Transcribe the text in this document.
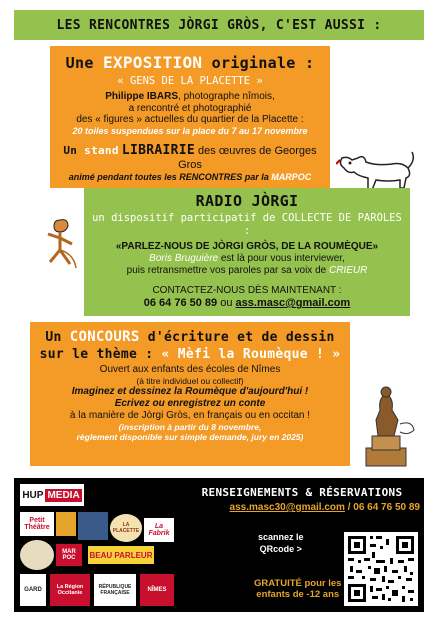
LES RENCONTRES JÒRGI GRÒS, C'EST AUSSI :
Une EXPOSITION originale :
« GENS DE LA PLACETTE »
Philippe IBARS, photographe nîmois,
a rencontré et photographié
des « figures » actuelles du quartier de la Placette :
20 toiles suspendues sur la place du 7 au 17 novembre
Un stand LIBRAIRIE des œuvres de Georges Gros
animé pendant toutes les RENCONTRES par la MARPOC
RADIO JÒRGI
un dispositif participatif de COLLECTE DE PAROLES :
«PARLEZ-NOUS DE JÒRGI GRÒS, DE LA ROUMÈQUE»
Boris Bruguière est là pour vous interviewer,
puis retransmettre vos paroles par sa voix de CRIEUR
CONTACTEZ-NOUS DÈS MAINTENANT :
06 64 76 50 89 ou ass.masc@gmail.com
Un CONCOURS d'écriture et de dessin
sur le thème : « Mèfi la Roumèque ! »
Ouvert aux enfants des écoles de Nîmes
(à titre individuel ou collectif)
Imaginez et dessinez la Roumèque d'aujourd'hui !
Ecrivez ou enregistrez un conte
à la manière de Jòrgi Gròs, en français ou en occitan !
(inscription à partir du 8 novembre,
règlement disponible sur simple demande, jury en 2025)
HUP MEDIA
Petit Théâtre	LA PLACETTE
La Fabrik
MAR
POC BEAU PARLEUR
GARD	La Région Occitanie
RÉPUBLIQUE FRANÇAISE	NÎMES
RENSEIGNEMENTS & RÉSERVATIONS
ass.masc30@gmail.com / 06 64 76 50 89
scannez le
QRcode >
GRATUITÉ pour les
enfants de -12 ans
